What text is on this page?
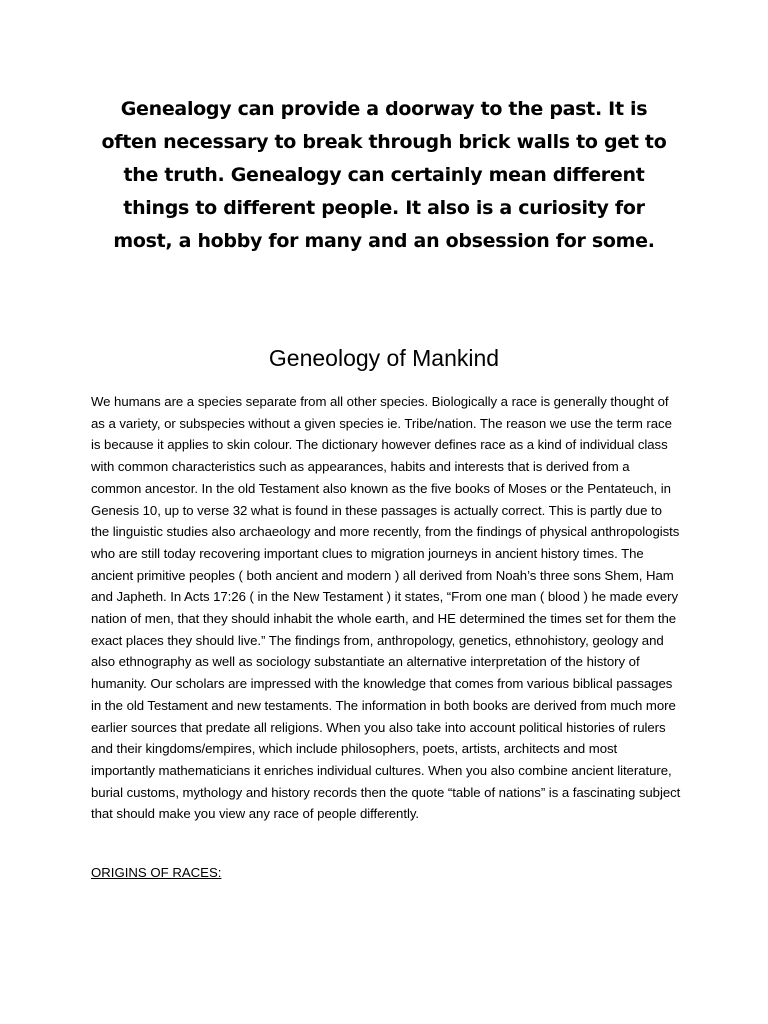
Genealogy can provide a doorway to the past. It is often necessary to break through brick walls to get to the truth. Genealogy can certainly mean different things to different people. It also is a curiosity for most, a hobby for many and an obsession for some.

Geneology of Mankind

We humans are a species separate from all other species. Biologically a race is generally thought of as a variety, or subspecies without a given species ie. Tribe/nation. The reason we use the term race is because it applies to skin colour. The dictionary however defines race as a kind of individual class with common characteristics such as appearances, habits and interests that is derived from a common ancestor. In the old Testament also known as the five books of Moses or the Pentateuch, in Genesis 10, up to verse 32 what is found in these passages is actually correct. This is partly due to the linguistic studies also archaeology and more recently, from the findings of physical anthropologists who are still today recovering important clues to migration journeys in ancient history times. The ancient primitive peoples ( both ancient and modern ) all derived from Noah’s three sons Shem, Ham and Japheth. In Acts 17:26 ( in the New Testament ) it states, “From one man ( blood ) he made every nation of men, that they should inhabit the whole earth, and HE determined the times set for them the exact places they should live.” The findings from, anthropology, genetics, ethnohistory, geology and also ethnography as well as sociology substantiate an alternative interpretation of the history of humanity. Our scholars are impressed with the knowledge that comes from various biblical passages in the old Testament and new testaments. The information in both books are derived from much more earlier sources that predate all religions. When you also take into account political histories of rulers and their kingdoms/empires, which include philosophers, poets, artists, architects and most importantly mathematicians it enriches individual cultures. When you also combine ancient literature, burial customs, mythology and history records then the quote “table of nations” is a fascinating subject that should make you view any race of people differently.

ORIGINS OF RACES:
